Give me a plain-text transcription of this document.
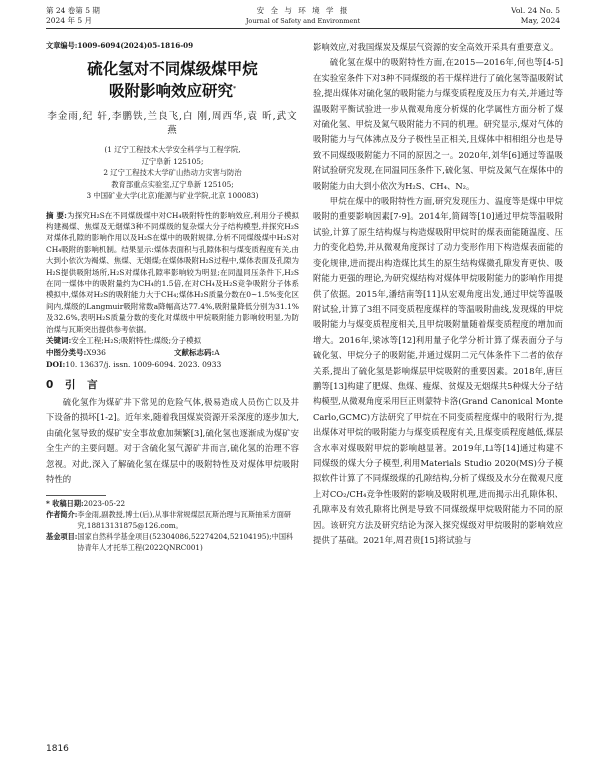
第 24 卷第 5 期
2024 年 5 月
安 全 与 环 境 学 报
Journal of Safety and Environment
Vol. 24 No. 5
May, 2024
文章编号:1009-6094(2024)05-1816-09
硫化氢对不同煤级煤甲烷
吸附影响效应研究*
李金雨,纪 轩,李鹏铁,兰良飞,白 刚,周西华,袁 昕,武文燕
(1 辽宁工程技术大学安全科学与工程学院,
辽宁阜新 125105;
2 辽宁工程技术大学矿山热动力灾害与防治
教育部重点实验室,辽宁阜新 125105;
3 中国矿业大学(北京)能源与矿业学院,北京 100083)
摘 要:为探究H₂S在不同煤级煤中对CH₄吸附特性的影响效应,利用分子模拟构建褐煤、焦煤及无烟煤3种不同煤级的复杂煤大分子结构模型,并探究H₂S对煤体孔隙的影响作用以及H₂S在煤中的吸附规律,分析不同煤级煤中H₂S对CH₄吸附的影响机制。结果显示:煤体表面积与孔隙体积与煤变质程度有关,由大到小依次为褐煤、焦煤、无烟煤;在煤体吸附H₂S过程中,煤体表面及孔隙为H₂S提供吸附场所,H₂S对煤体孔隙率影响较为明显;在同温同压条件下,H₂S在同一煤体中的吸附量约为CH₄的1.5倍,在对CH₄及H₂S竞争吸附分子体系模拟中,煤体对H₂S的吸附能力大于CH₄;煤体H₂S质量分数在0~1.5%变化区间内,煤级的Langmuir吸附常数a降幅高达77.4%,吸附量降低分别为31.1%及32.6%,表明H₂S质量分数的变化对煤级中甲烷吸附能力影响较明显,为防治煤与瓦斯突出提供参考依据。
关键词:安全工程;H₂S;吸附特性;煤级;分子模拟
中图分类号:X936	文献标志码:A
DOI:10. 13637/j. issn. 1009-6094. 2023. 0933
0 引 言
硫化氢作为煤矿井下常见的危险气体,极易造成人员伤亡以及井下设备的损坏[1-2]。近年来,随着我国煤炭资源开采深度的逐步加大,由硫化氢导致的煤矿安全事故愈加频繁[3],硫化氢也逐渐成为煤矿安全生产的主要问题。对于含硫化氢气源矿井而言,硫化氢的治理不容忽视。对此,深入了解硫化氢在煤层中的吸附特性及对煤体甲烷吸附特性的
* 收稿日期: 2023-05-22
作者简介: 李金雨,副教授,博士(后),从事非常规煤层瓦斯治理与瓦斯抽采方面研究,18813131875@126.com。
基金项目: 国家自然科学基金项目(52304086,52274204,52104195);中国科协青年人才托举工程(2022QNRC001)
影响效应,对我国煤炭及煤层气资源的安全高效开采具有重要意义。
硫化氢在煤中的吸附特性方面,在2015—2016年,何也等[4-5]在实验室条件下对3种不同煤级的若干煤样进行了硫化氢等温吸附试验,提出煤体对硫化氢的吸附能力与煤变质程度及压力有关,并通过等温吸附平衡试验进一步从微观角度分析煤的化学属性方面分析了煤对硫化氢、甲烷及氮气吸附能力不同的机理。研究显示,煤对气体的吸附能力与气体沸点及分子极性呈正相关,且煤体中相相组分也是导致不同煤级吸附能力不同的原因之一。2020年,刘华[6]通过等温吸附试验研究发现,在同温同压条件下,硫化氢、甲烷及氮气在煤体中的吸附能力由大到小依次为H₂S、CH₄、N₂。
甲烷在煤中的吸附特性方面,研究发现压力、温度等是煤中甲烷吸附的重要影响因素[7-9]。2014年,简阔等[10]通过甲烷等温吸附试验,计算了原生结构煤与构造煤吸附甲烷时的煤表面能随温度、压力的变化趋势,并从微观角度探讨了动力变形作用下构造煤表面能的变化规律,进而提出构造煤比其生的原生结构煤微孔隙发育更快、吸附能力更强的理论,为研究煤结构对煤体甲烷吸附能力的影响作用提供了依据。2015年,潘结南等[11]从宏观角度出发,通过甲烷等温吸附试验,计算了3组不同变质程度煤样的等温吸附曲线,发现煤的甲烷吸附能力与煤变质程度相关,且甲烷吸附量随着煤变质程度的增加而增大。2016年,梁冰等[12]利用量子化学分析计算了煤表面分子与硫化氢、甲烷分子的吸附能,并通过煤阴二元气体条件下二者的依存关系,提出了硫化氢是影响煤层甲烷吸附的重要因素。2018年,唐巨鹏等[13]构建了肥煤、焦煤、瘦煤、贫煤及无烟煤共5种煤大分子结构模型,从微观角度采用巨正则蒙特卡洛(Grand Canonical Monte Carlo,GCMC)方法研究了甲烷在不同变质程度煤中的吸附行为,提出煤体对甲烷的吸附能力与煤变质程度有关,且煤变质程度越低,煤层含水率对煤吸附甲烷的影响越显著。2019年,Li等[14]通过构建不同煤级的煤大分子模型,利用Materials Studio 2020(MS)分子模拟软件计算了不同煤级煤的孔隙结构,分析了煤级及水分在微观尺度上对CO₂/CH₄竞争性吸附的影响及吸附机理,进而揭示出孔隙体积、孔隙率及有效孔隙将比例是导致不同煤级煤甲烷吸附能力不同的原因。该研究方法及研究结论为深入探究煤级对甲烷吸附的影响效应提供了基础。2021年,周君贵[15]将试验与
1816
